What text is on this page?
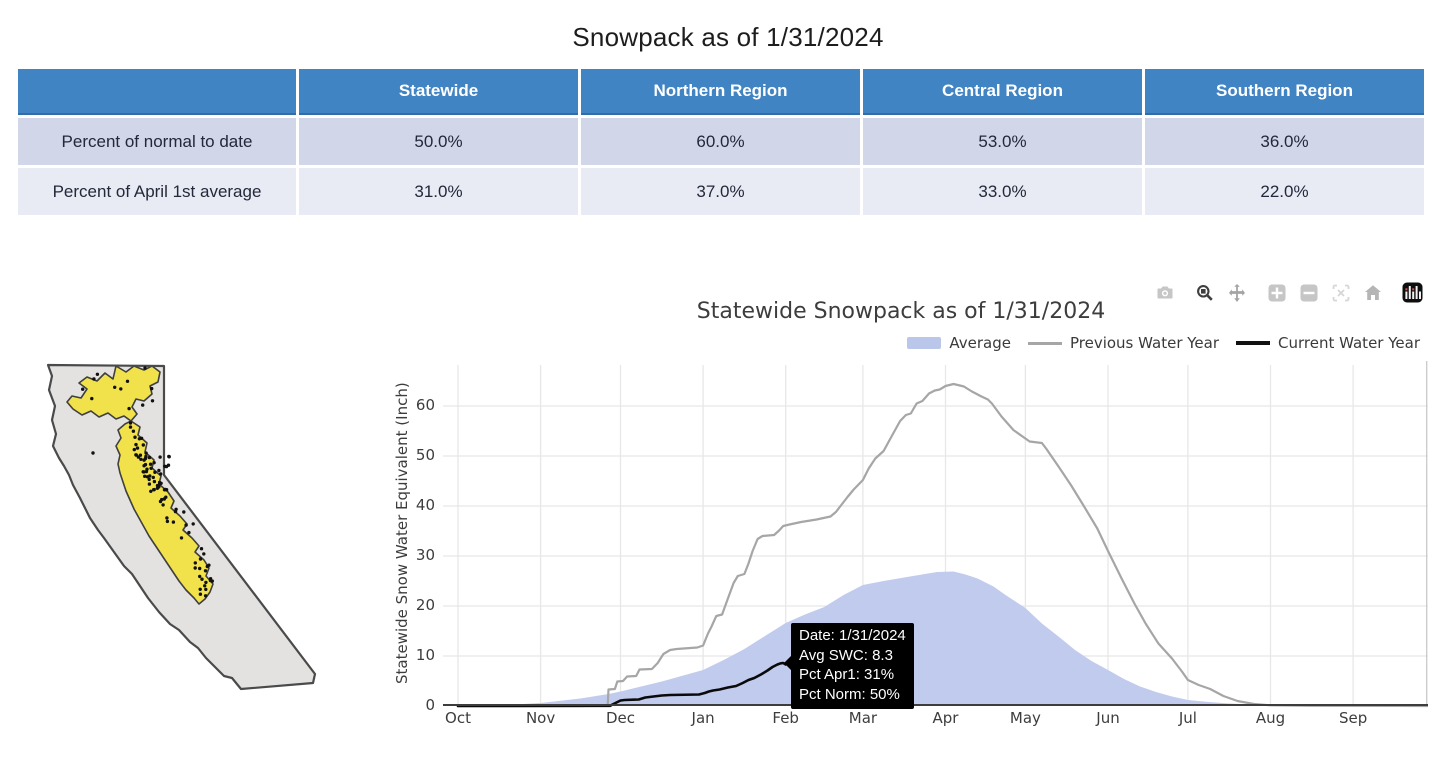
Snowpack as of 1/31/2024
	Statewide	Northern Region	Central Region	Southern Region
Percent of normal to date	50.0%	60.0%	53.0%	36.0%
Percent of April 1st average	31.0%	37.0%	33.0%	22.0%
Statewide Snowpack as of 1/31/2024
Average	Previous Water Year	Current Water Year
Statewide Snow Water Equivalent (Inch)
Oct	Nov	Dec	Jan	Feb	Mar	Apr	May	Jun	Jul	Aug	Sep
0
10
20
30
40
50
60
Date: 1/31/2024
Avg SWC: 8.3
Pct Apr1: 31%
Pct Norm: 50%
